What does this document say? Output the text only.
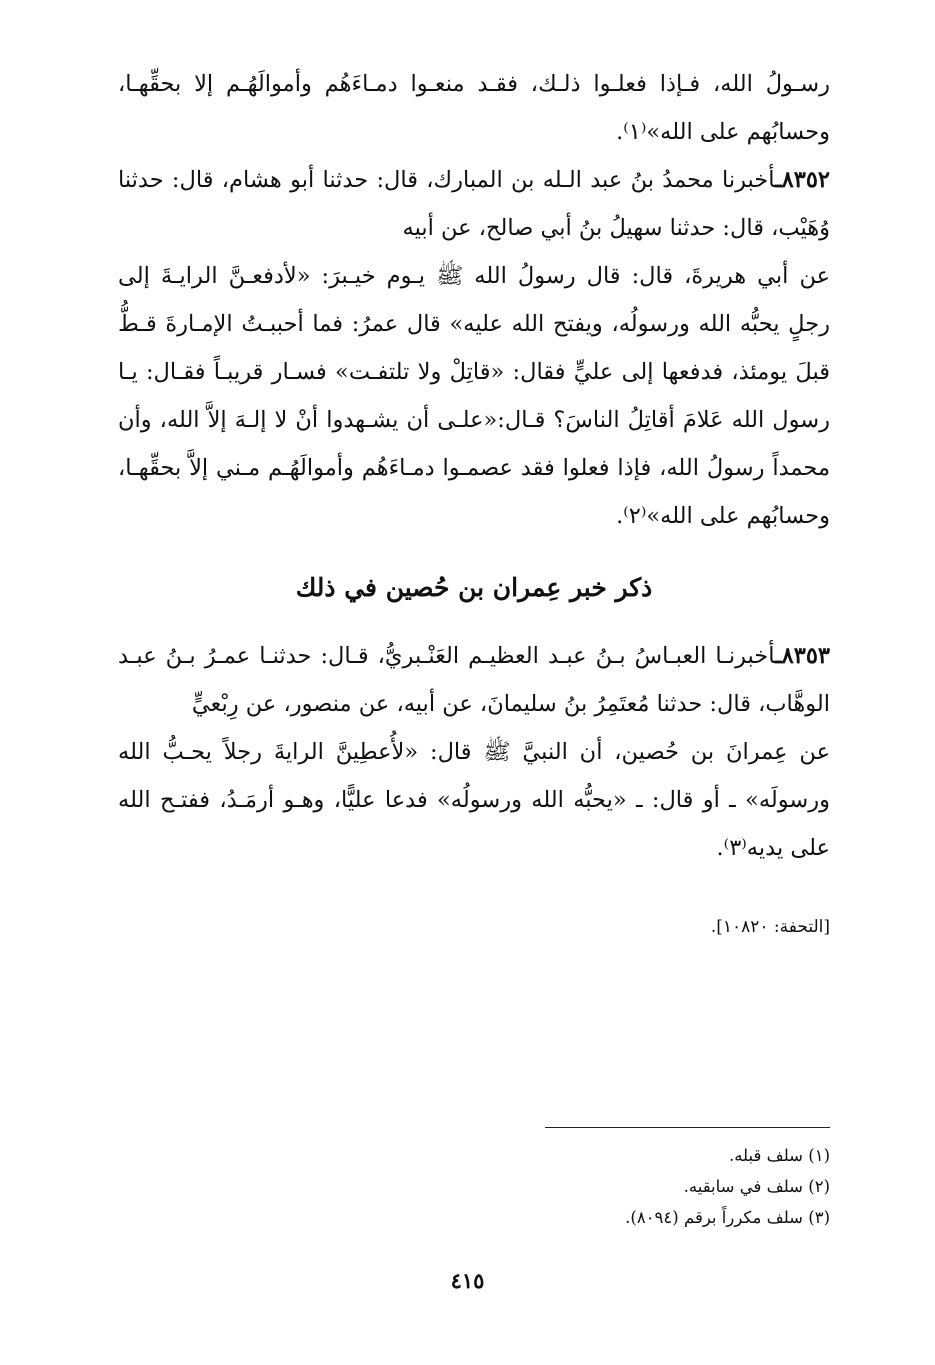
رسـولُ الله، فـإذا فعلـوا ذلـك، فقـد منعـوا دمـاءَهُم وأموالَهُـم إلا بحقِّهـا،
وحسابُهم على الله»⁽١⁾.
٨٣٥٢ـأخبرنا محمدُ بنُ عبد الـله بن المبارك، قال: حدثنا أبو هشام، قال: حدثنا
وُهَيْب، قال: حدثنا سهيلُ بنُ أبي صالح، عن أبيه
عن أبي هريرةَ، قال: قال رسولُ الله ﷺ يـوم خيـبرَ: «لأدفعـنَّ الرايـةَ إلى
رجلٍ يحبُّه الله ورسولُه، ويفتح الله عليه» قال عمرُ: فما أحببـتُ الإمـارةَ قـطُّ
قبلَ يومئذ، فدفعها إلى عليٍّ فقال: «قاتِلْ ولا تلتفـت» فسـار قريبـاً فقـال: يـا
رسول الله عَلامَ أقاتِلُ الناسَ؟ قـال:«علـى أن يشـهدوا أنْ لا إلـهَ إلاَّ الله، وأن
محمداً رسولُ الله، فإذا فعلوا فقد عصمـوا دمـاءَهُم وأموالَهُـم مـني إلاَّ بحقِّهـا،
وحسابُهم على الله»⁽٢⁾.
ذكر خبر عِمران بن حُصين في ذلك
٨٣٥٣ـأخبرنـا العبـاسُ بـنُ عبـد العظيـم العَنْـبريُّ، قـال: حدثنـا عمـرُ بـنُ عبـد
الوهَّاب، قال: حدثنا مُعتَمِرُ بنُ سليمانَ، عن أبيه، عن منصور، عن رِبْعيٍّ
عن عِمرانَ بن حُصين، أن النبيَّ ﷺ قال: «لأُعطِينَّ الرايةَ رجلاً يحـبُّ الله
ورسولَه» ـ أو قال: ـ «يحبُّه الله ورسولُه» فدعا عليًّا، وهـو أرمَـدُ، ففتـح الله
على يديه⁽٣⁾.
[التحفة: ١٠٨٢٠].
(١) سلف قبله.
(٢) سلف في سابقيه.
(٣) سلف مكرراً برقم (٨٠٩٤).
٤١٥
